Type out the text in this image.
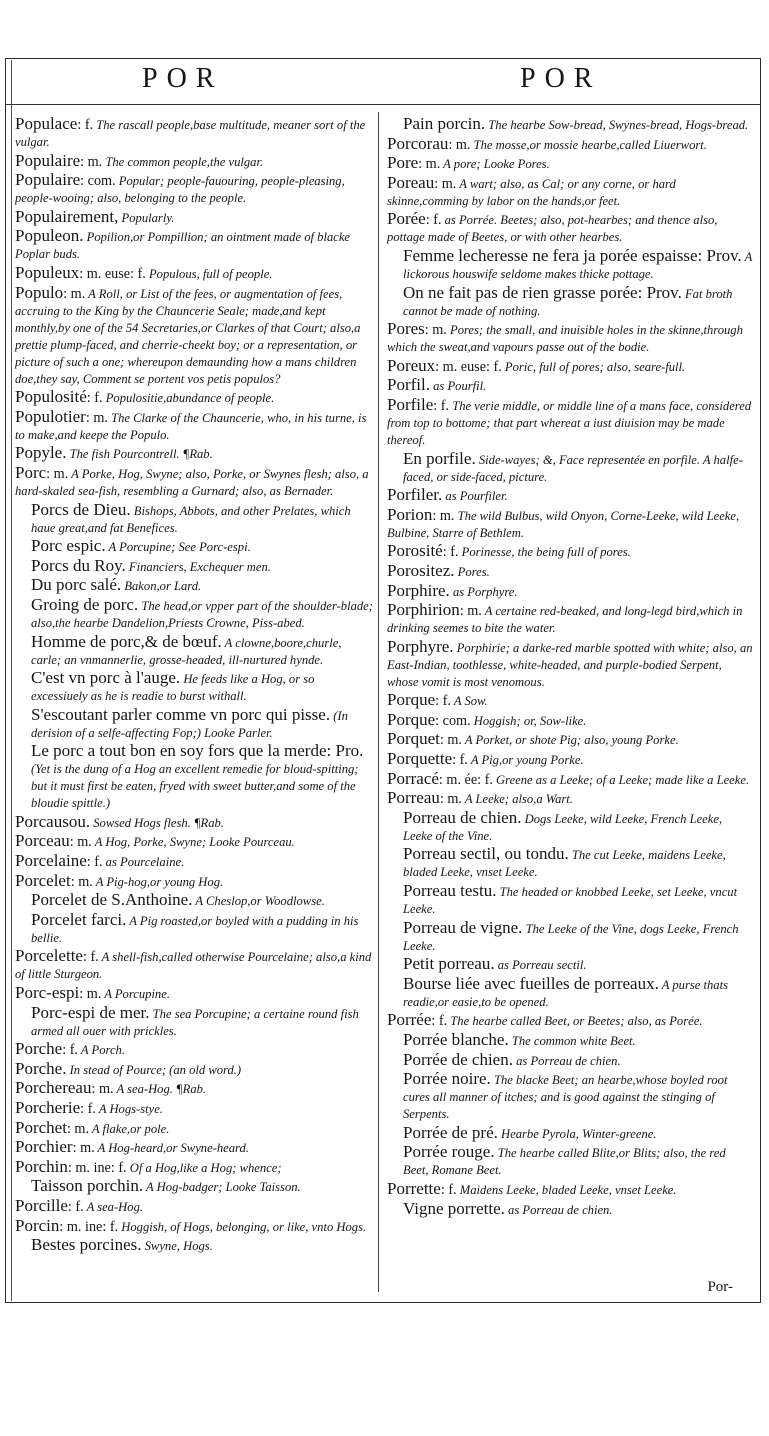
POR	POR

Populace: f. The rascall people,base multitude, meaner sort of the vulgar.

Populaire: m. The common people,the vulgar.

Populaire: com. Popular; people-fauouring, people-pleasing, people-wooing; also, belonging to the people.

Populairement, Popularly.

Populeon. Popilion,or Pompillion; an ointment made of blacke Poplar buds.

Populeux: m. euse: f. Populous, full of people.

Populo: m. A Roll, or List of the fees, or augmentation of fees, accruing to the King by the Chauncerie Seale; made,and kept monthly,by one of the 54 Secretaries,or Clarkes of that Court; also,a prettie plump-faced, and cherrie-cheekt boy; or a representation, or picture of such a one; whereupon demaunding how a mans children doe,they say, Comment se portent vos petis populos?

Populosité: f. Populositie,abundance of people.

Populotier: m. The Clarke of the Chauncerie, who, in his turne, is to make,and keepe the Populo.

Popyle. The fish Pourcontrell. ¶Rab.

Porc: m. A Porke, Hog, Swyne; also, Porke, or Swynes flesh; also, a hard-skaled sea-fish, resembling a Gurnard; also, as Bernader.

Porcs de Dieu. Bishops, Abbots, and other Prelates, which haue great,and fat Benefices.

Porc espic. A Porcupine; See Porc-espi.

Porcs du Roy. Financiers, Exchequer men.

Du porc salé. Bakon,or Lard.

Groing de porc. The head,or vpper part of the shoulder-blade; also,the hearbe Dandelion,Priests Crowne, Piss-abed.

Homme de porc,& de bœuf. A clowne,boore,churle, carle; an vnmannerlie, grosse-headed, ill-nurtured hynde.

C'est vn porc à l'auge. He feeds like a Hog, or so excessiuely as he is readie to burst withall.

S'escoutant parler comme vn porc qui pisse. (In derision of a selfe-affecting Fop;) Looke Parler.

Le porc a tout bon en soy fors que la merde: Pro. (Yet is the dung of a Hog an excellent remedie for bloud-spitting; but it must first be eaten, fryed with sweet butter,and some of the bloudie spittle.)

Porcausou. Sowsed Hogs flesh. ¶Rab.

Porceau: m. A Hog, Porke, Swyne; Looke Pourceau.

Porcelaine: f. as Pourcelaine.

Porcelet: m. A Pig-hog,or young Hog.

Porcelet de S.Anthoine. A Cheslop,or Woodlowse.

Porcelet farci. A Pig roasted,or boyled with a pudding in his bellie.

Porcelette: f. A shell-fish,called otherwise Pourcelaine; also,a kind of little Sturgeon.

Porc-espi: m. A Porcupine.

Porc-espi de mer. The sea Porcupine; a certaine round fish armed all ouer with prickles.

Porche: f. A Porch.

Porche. In stead of Pource; (an old word.)

Porchereau: m. A sea-Hog. ¶Rab.

Porcherie: f. A Hogs-stye.

Porchet: m. A flake,or pole.

Porchier: m. A Hog-heard,or Swyne-heard.

Porchin: m. ine: f. Of a Hog,like a Hog; whence;

Taisson porchin. A Hog-badger; Looke Taisson.

Porcille: f. A sea-Hog.

Porcin: m. ine: f. Hoggish, of Hogs, belonging, or like, vnto Hogs.

Bestes porcines. Swyne, Hogs.

Pain porcin. The hearbe Sow-bread, Swynes-bread, Hogs-bread.

Porcorau: m. The mosse,or mossie hearbe,called Liuerwort.

Pore: m. A pore; Looke Pores.

Poreau: m. A wart; also, as Cal; or any corne, or hard skinne,comming by labor on the hands,or feet.

Porée: f. as Porrée. Beetes; also, pot-hearbes; and thence also, pottage made of Beetes, or with other hearbes.

Femme lecheresse ne fera ja porée espaisse: Prov. A lickorous houswife seldome makes thicke pottage.

On ne fait pas de rien grasse porée: Prov. Fat broth cannot be made of nothing.

Pores: m. Pores; the small, and inuisible holes in the skinne,through which the sweat,and vapours passe out of the bodie.

Poreux: m. euse: f. Poric, full of pores; also, seare-full.

Porfil. as Pourfil.

Porfile: f. The verie middle, or middle line of a mans face, considered from top to bottome; that part whereat a iust diuision may be made thereof.

En porfile. Side-wayes; &, Face representée en porfile. A halfe-faced, or side-faced, picture.

Porfiler. as Pourfiler.

Porion: m. The wild Bulbus, wild Onyon, Corne-Leeke, wild Leeke, Bulbine, Starre of Bethlem.

Porosité: f. Porinesse, the being full of pores.

Porositez. Pores.

Porphire. as Porphyre.

Porphirion: m. A certaine red-beaked, and long-legd bird,which in drinking seemes to bite the water.

Porphyre. Porphirie; a darke-red marble spotted with white; also, an East-Indian, toothlesse, white-headed, and purple-bodied Serpent, whose vomit is most venomous.

Porque: f. A Sow.

Porque: com. Hoggish; or, Sow-like.

Porquet: m. A Porket, or shote Pig; also, young Porke.

Porquette: f. A Pig,or young Porke.

Porracé: m. ée: f. Greene as a Leeke; of a Leeke; made like a Leeke.

Porreau: m. A Leeke; also,a Wart.

Porreau de chien. Dogs Leeke, wild Leeke, French Leeke, Leeke of the Vine.

Porreau sectil, ou tondu. The cut Leeke, maidens Leeke, bladed Leeke, vnset Leeke.

Porreau testu. The headed or knobbed Leeke, set Leeke, vncut Leeke.

Porreau de vigne. The Leeke of the Vine, dogs Leeke, French Leeke.

Petit porreau. as Porreau sectil.

Bourse liée avec fueilles de porreaux. A purse thats readie,or easie,to be opened.

Porrée: f. The hearbe called Beet, or Beetes; also, as Porée.

Porrée blanche. The common white Beet.

Porrée de chien. as Porreau de chien.

Porrée noire. The blacke Beet; an hearbe,whose boyled root cures all manner of itches; and is good against the stinging of Serpents.

Porrée de pré. Hearbe Pyrola, Winter-greene.

Porrée rouge. The hearbe called Blite,or Blits; also, the red Beet, Romane Beet.

Porrette: f. Maidens Leeke, bladed Leeke, vnset Leeke.

Vigne porrette. as Porreau de chien.

Por-
